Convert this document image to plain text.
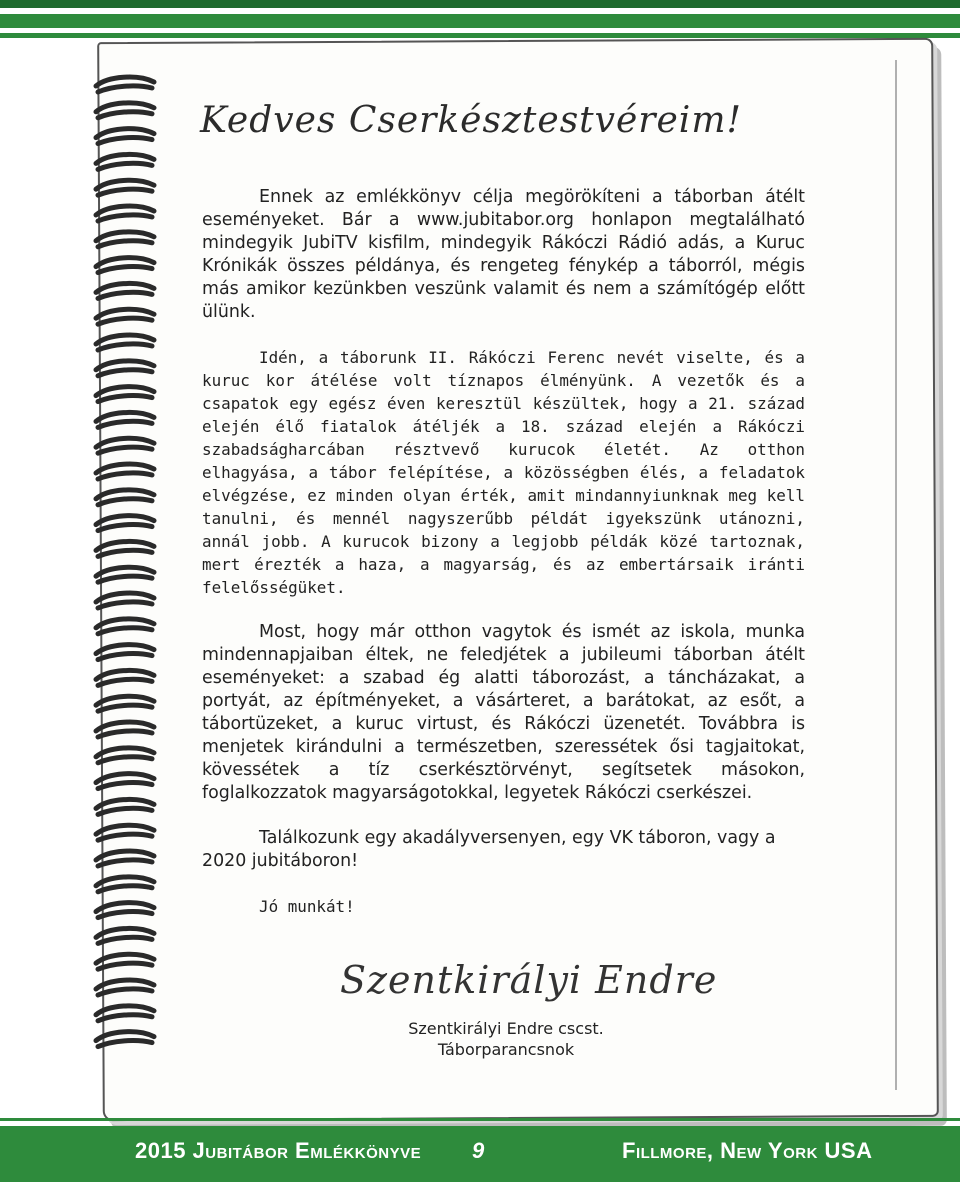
Kedves Cserkésztestvéreim!

Ennek az emlékkönyv célja megörökíteni a táborban átélt eseményeket. Bár a www.jubitabor.org honlapon megtalálható mindegyik JubiTV kisfilm, mindegyik Rákóczi Rádió adás, a Kuruc Krónikák összes példánya, és rengeteg fénykép a táborról, mégis más amikor kezünkben veszünk valamit és nem a számítógép előtt ülünk.

Idén, a táborunk II. Rákóczi Ferenc nevét viselte, és a kuruc kor átélése volt tíznapos élményünk. A vezetők és a csapatok egy egész éven keresztül készültek, hogy a 21. század elején élő fiatalok átéljék a 18. század elején a Rákóczi szabadságharcában résztvevő kurucok életét. Az otthon elhagyása, a tábor felépítése, a közösségben élés, a feladatok elvégzése, ez minden olyan érték, amit mindannyiunknak meg kell tanulni, és mennél nagyszerűbb példát igyekszünk utánozni, annál jobb. A kurucok bizony a legjobb példák közé tartoznak, mert érezték a haza, a magyarság, és az embertársaik iránti felelősségüket.

Most, hogy már otthon vagytok és ismét az iskola, munka mindennapjaiban éltek, ne feledjétek a jubileumi táborban átélt eseményeket: a szabad ég alatti táborozást, a táncházakat, a portyát, az építményeket, a vásárteret, a barátokat, az esőt, a tábortüzeket, a kuruc virtust, és Rákóczi üzenetét. Továbbra is menjetek kirándulni a természetben, szeressétek ősi tagjaitokat, kövessétek a tíz cserkésztörvényt, segítsetek másokon, foglalkozzatok magyarságotokkal, legyetek Rákóczi cserkészei.

Találkozunk egy akadályversenyen, egy VK táboron, vagy a 2020 jubitáboron!

Jó munkát!

Szentkirályi Endre
Szentkirályi Endre cscst.
Táborparancsnok
2015 Jubitábor Emlékkönyve 9	Fillmore, New York USA
